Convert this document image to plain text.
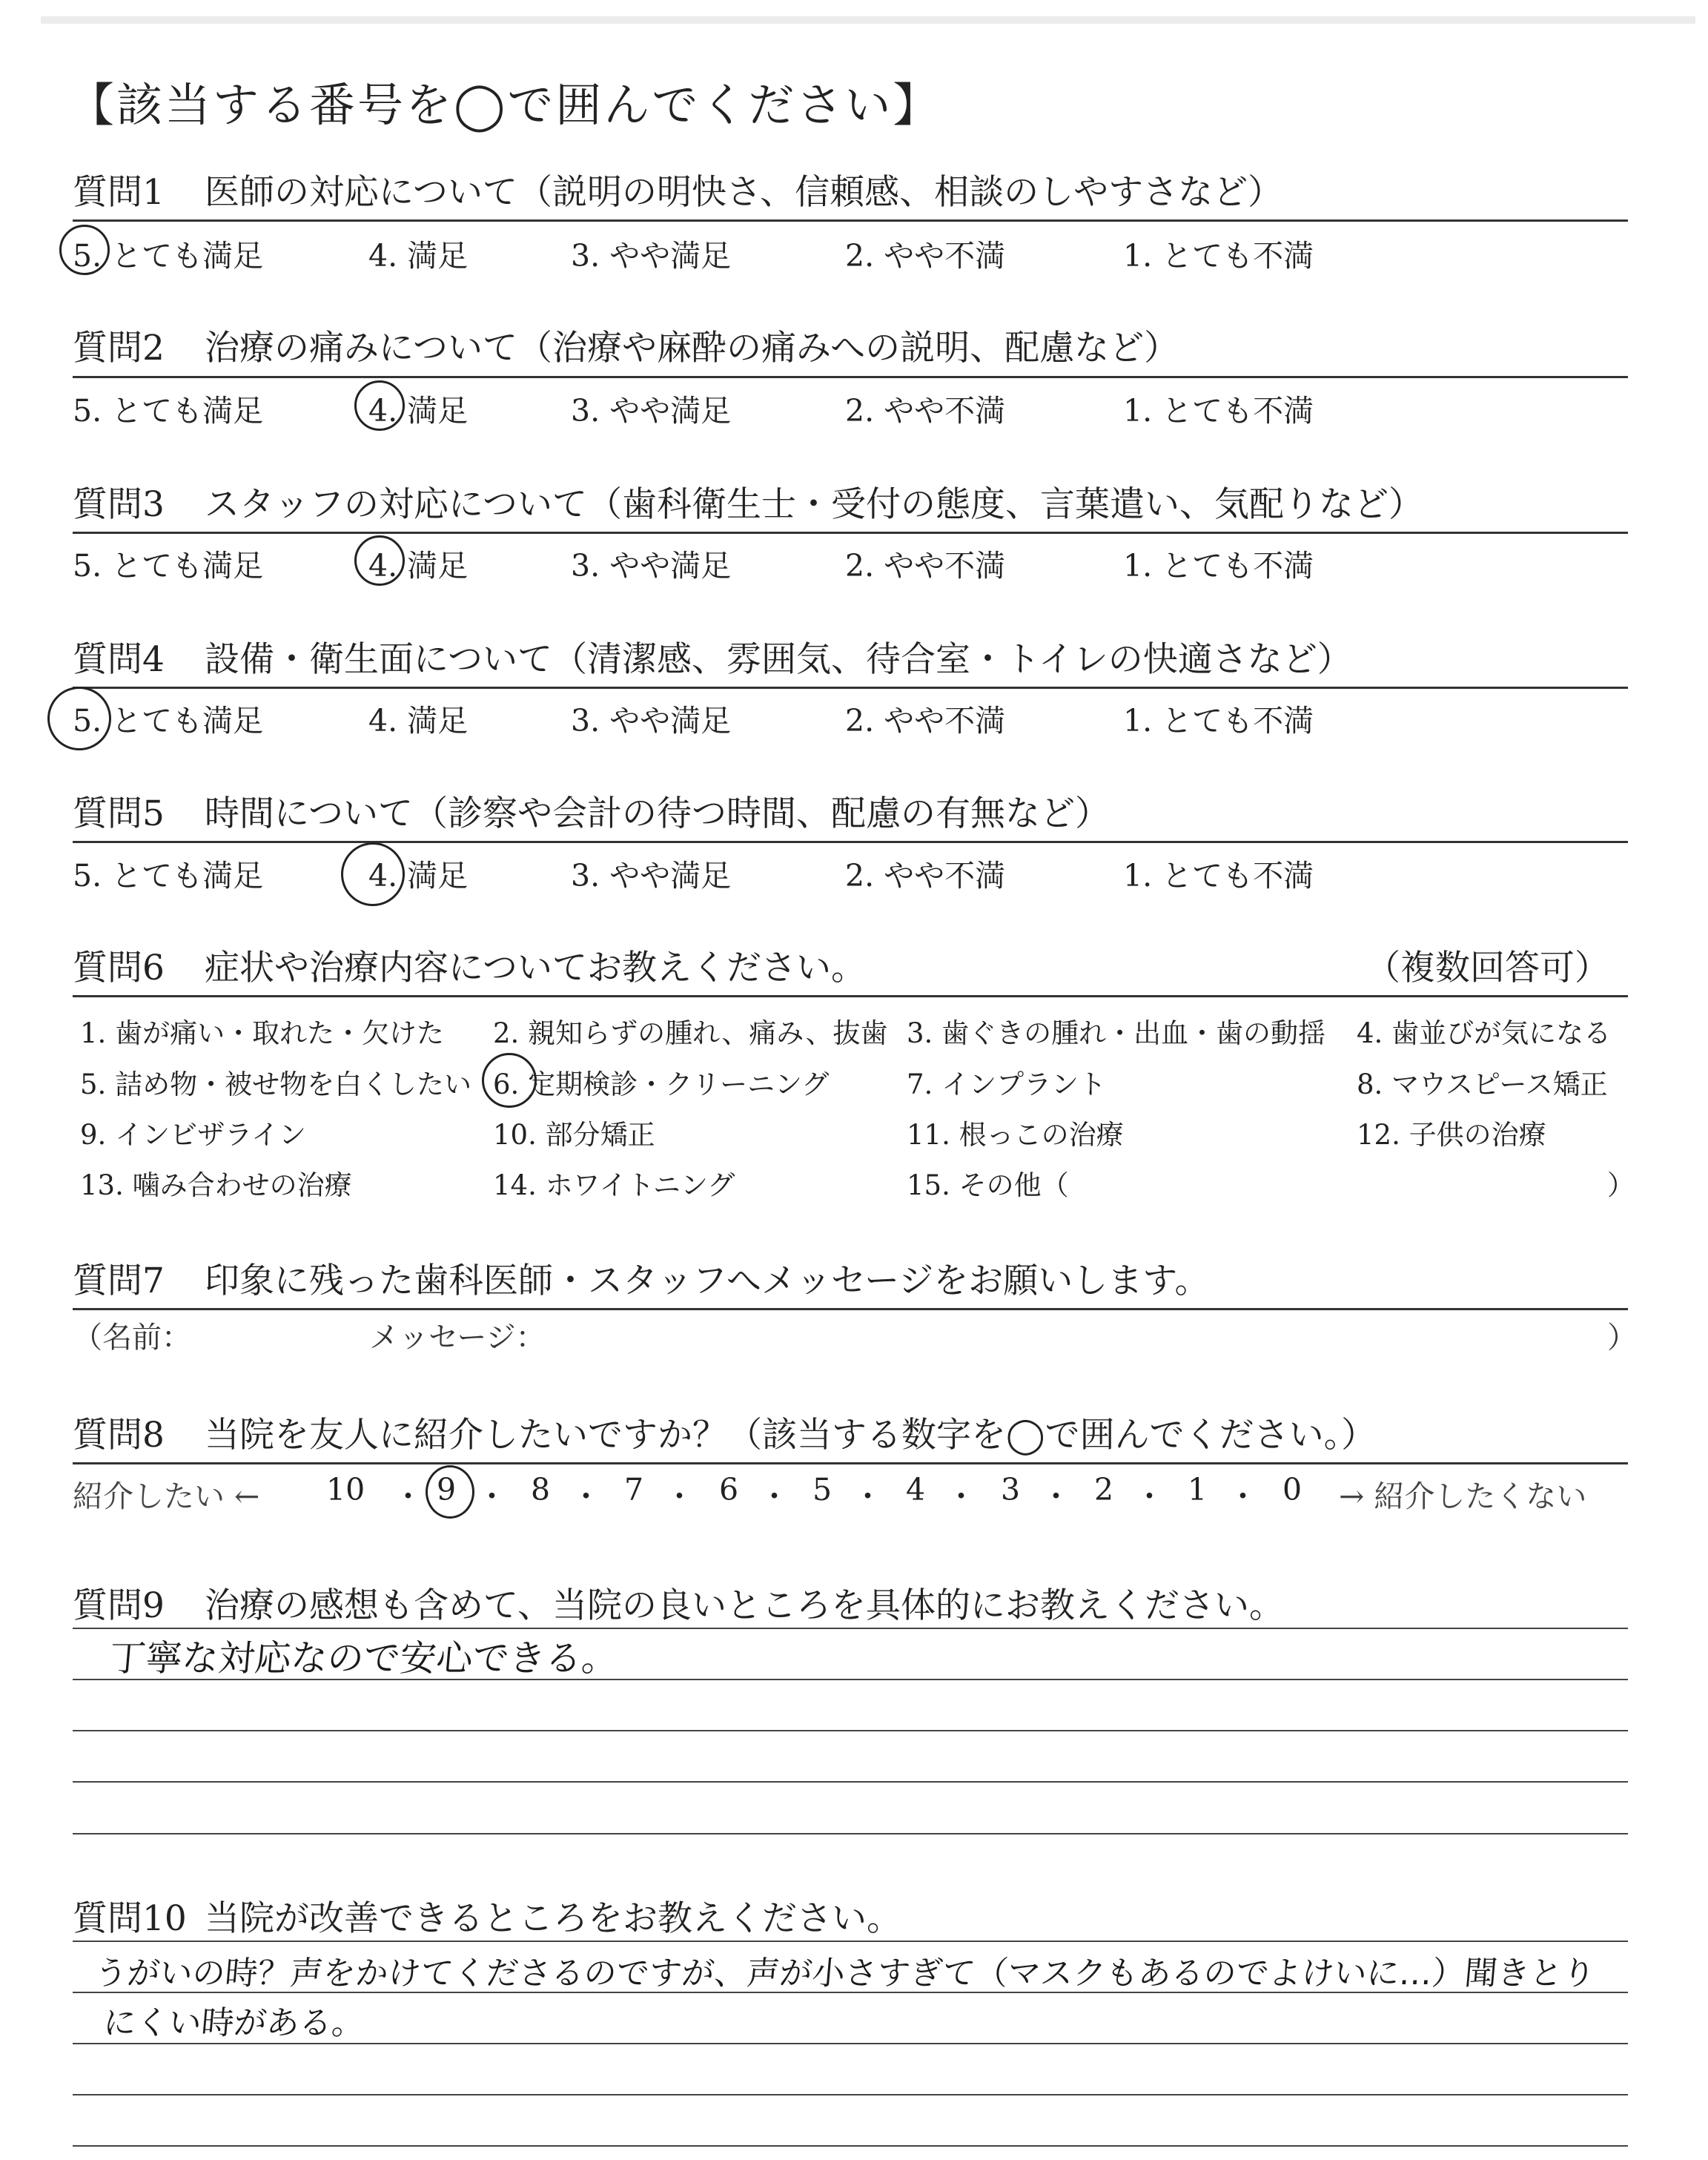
【該当する番号を◯で囲んでください】
質問1 医師の対応について（説明の明快さ、信頼感、相談のしやすさなど）
5. とても満足	4. 満足	3. やや満足	2. やや不満	1. とても不満
質問2 治療の痛みについて（治療や麻酔の痛みへの説明、配慮など）
5. とても満足	4. 満足	3. やや満足	2. やや不満	1. とても不満
質問3 スタッフの対応について（歯科衛生士・受付の態度、言葉遣い、気配りなど）
5. とても満足	4. 満足	3. やや満足	2. やや不満	1. とても不満
質問4 設備・衛生面について（清潔感、雰囲気、待合室・トイレの快適さなど）
5. とても満足	4. 満足	3. やや満足	2. やや不満	1. とても不満
質問5 時間について（診察や会計の待つ時間、配慮の有無など）
5. とても満足	4. 満足	3. やや満足	2. やや不満	1. とても不満
質問6 症状や治療内容についてお教えください。	（複数回答可）
1. 歯が痛い・取れた・欠けた 2. 親知らずの腫れ、痛み、抜歯 3. 歯ぐきの腫れ・出血・歯の動揺 4. 歯並びが気になる
5. 詰め物・被せ物を白くしたい 6. 定期検診・クリーニング	7. インプラント	8. マウスピース矯正
9. インビザライン	10. 部分矯正	11. 根っこの治療	12. 子供の治療
13. 噛み合わせの治療	14. ホワイトニング	15. その他（	）
質問7 印象に残った歯科医師・スタッフへメッセージをお願いします。
（名前：	メッセージ：	）
質問8 当院を友人に紹介したいですか？（該当する数字を◯で囲んでください。）
紹介したい ← 10 ・ 9 ・ 8 ・ 7 ・ 6 ・ 5 ・ 4 ・ 3 ・ 2 ・ 1 ・ 0 → 紹介したくない
質問9 治療の感想も含めて、当院の良いところを具体的にお教えください。
丁寧な対応なので安心できる。
質問10 当院が改善できるところをお教えください。
うがいの時？声をかけてくださるのですが、声が小さすぎて（マスクもあるのでよけいに…）聞きとり
にくい時がある。
